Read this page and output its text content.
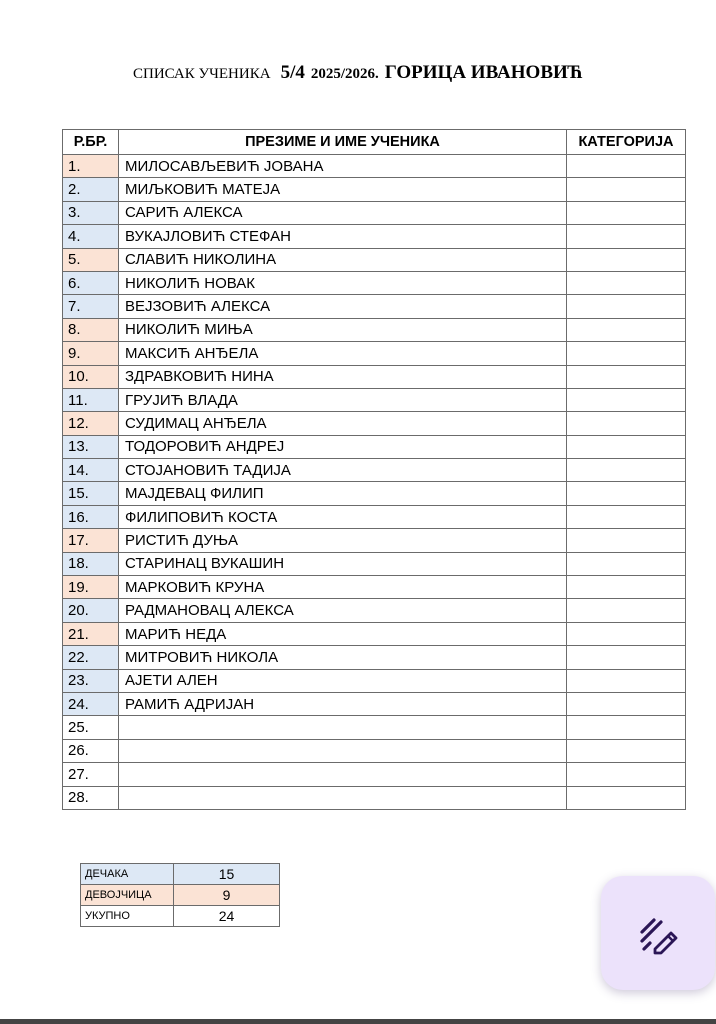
СПИСАК УЧЕНИКА 5/4 2025/2026. ГОРИЦА ИВАНОВИЋ
Р.БР.	ПРЕЗИМЕ И ИМЕ УЧЕНИКА	КАТЕГОРИЈА
1.	МИЛОСАВЉЕВИЋ ЈОВАНА	
2.	МИЉКОВИЋ МАТЕЈА	
3.	САРИЋ АЛЕКСА	
4.	ВУКАЈЛОВИЋ СТЕФАН	
5.	СЛАВИЋ НИКОЛИНА	
6.	НИКОЛИЋ НОВАК	
7.	ВЕЈЗОВИЋ АЛЕКСА	
8.	НИКОЛИЋ МИЊА	
9.	МАКСИЋ АНЂЕЛА	
10.	ЗДРАВКОВИЋ НИНА	
11.	ГРУЈИЋ ВЛАДА	
12.	СУДИМАЦ АНЂЕЛА	
13.	ТОДОРОВИЋ АНДРЕЈ	
14.	СТОЈАНОВИЋ ТАДИЈА	
15.	МАЈДЕВАЦ ФИЛИП	
16.	ФИЛИПОВИЋ КОСТА	
17.	РИСТИЋ ДУЊА	
18.	СТАРИНАЦ ВУКАШИН	
19.	МАРКОВИЋ КРУНА	
20.	РАДМАНОВАЦ АЛЕКСА	
21.	МАРИЋ НЕДА	
22.	МИТРОВИЋ НИКОЛА	
23.	АЈЕТИ АЛЕН	
24.	РАМИЋ АДРИЈАН	
25.		
26.		
27.		
28.		
ДЕЧАКА	15
ДЕВОЈЧИЦА	9
УКУПНО	24
